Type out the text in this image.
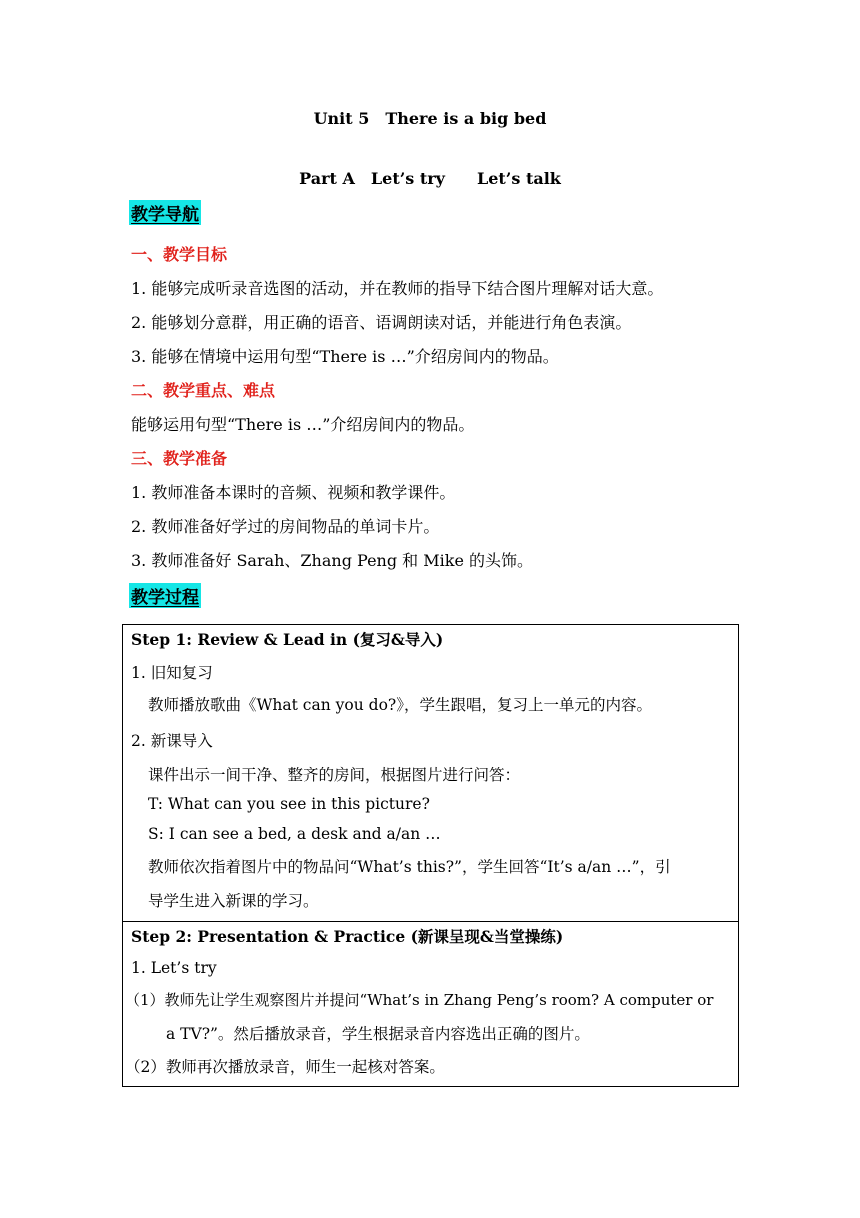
Unit 5　There is a big bed
Part A　Let’s try　　Let’s talk
教学导航
一、教学目标
1. 能够完成听录音选图的活动，并在教师的指导下结合图片理解对话大意。
2. 能够划分意群，用正确的语音、语调朗读对话，并能进行角色表演。
3. 能够在情境中运用句型“There is …”介绍房间内的物品。
二、教学重点、难点
能够运用句型“There is …”介绍房间内的物品。
三、教学准备
1. 教师准备本课时的音频、视频和教学课件。
2. 教师准备好学过的房间物品的单词卡片。
3. 教师准备好 Sarah、Zhang Peng 和 Mike 的头饰。
教学过程
Step 1: Review & Lead in (复习&导入)
1. 旧知复习
教师播放歌曲《What can you do?》，学生跟唱，复习上一单元的内容。
2. 新课导入
课件出示一间干净、整齐的房间，根据图片进行问答：
T: What can you see in this picture?
S: I can see a bed, a desk and a/an …
教师依次指着图片中的物品问“What’s this?”，学生回答“It’s a/an …”，引
导学生进入新课的学习。
Step 2: Presentation & Practice (新课呈现&当堂操练)
1. Let’s try
（1）教师先让学生观察图片并提问“What’s in Zhang Peng’s room? A computer or
a TV?”。然后播放录音，学生根据录音内容选出正确的图片。
（2）教师再次播放录音，师生一起核对答案。
